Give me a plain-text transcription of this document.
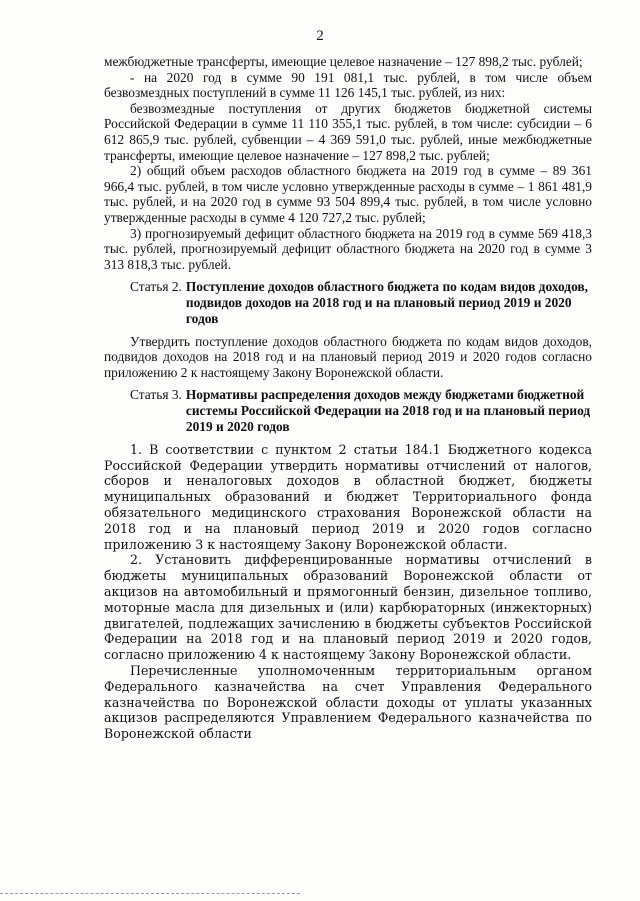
2

межбюджетные трансферты, имеющие целевое назначение – 127 898,2 тыс. рублей;

- на 2020 год в сумме 90 191 081,1 тыс. рублей, в том числе объем безвозмездных поступлений в сумме 11 126 145,1 тыс. рублей, из них:

безвозмездные поступления от других бюджетов бюджетной системы Российской Федерации в сумме 11 110 355,1 тыс. рублей, в том числе: субсидии – 6 612 865,9 тыс. рублей, субвенции – 4 369 591,0 тыс. рублей, иные межбюджетные трансферты, имеющие целевое назначение – 127 898,2 тыс. рублей;

2) общий объем расходов областного бюджета на 2019 год в сумме – 89 361 966,4 тыс. рублей, в том числе условно утвержденные расходы в сумме – 1 861 481,9 тыс. рублей, и на 2020 год в сумме 93 504 899,4 тыс. рублей, в том числе условно утвержденные расходы в сумме 4 120 727,2 тыс. рублей;

3) прогнозируемый дефицит областного бюджета на 2019 год в сумме 569 418,3 тыс. рублей, прогнозируемый дефицит областного бюджета на 2020 год в сумме 3 313 818,3 тыс. рублей.

Статья 2. Поступление доходов областного бюджета по кодам видов доходов, подвидов доходов на 2018 год и на плановый период 2019 и 2020 годов

Утвердить поступление доходов областного бюджета по кодам видов доходов, подвидов доходов на 2018 год и на плановый период 2019 и 2020 годов согласно приложению 2 к настоящему Закону Воронежской области.

Статья 3. Нормативы распределения доходов между бюджетами бюджетной системы Российской Федерации на 2018 год и на плановый период 2019 и 2020 годов

1. В соответствии с пунктом 2 статьи 184.1 Бюджетного кодекса Российской Федерации утвердить нормативы отчислений от налогов, сборов и неналоговых доходов в областной бюджет, бюджеты муниципальных образований и бюджет Территориального фонда обязательного медицинского страхования Воронежской области на 2018 год и на плановый период 2019 и 2020 годов согласно приложению 3 к настоящему Закону Воронежской области.

2. Установить дифференцированные нормативы отчислений в бюджеты муниципальных образований Воронежской области от акцизов на автомобильный и прямогонный бензин, дизельное топливо, моторные масла для дизельных и (или) карбюраторных (инжекторных) двигателей, подлежащих зачислению в бюджеты субъектов Российской Федерации на 2018 год и на плановый период 2019 и 2020 годов, согласно приложению 4 к настоящему Закону Воронежской области.

Перечисленные уполномоченным территориальным органом Федерального казначейства на счет Управления Федерального казначейства по Воронежской области доходы от уплаты указанных акцизов распределяются Управлением Федерального казначейства по Воронежской области
